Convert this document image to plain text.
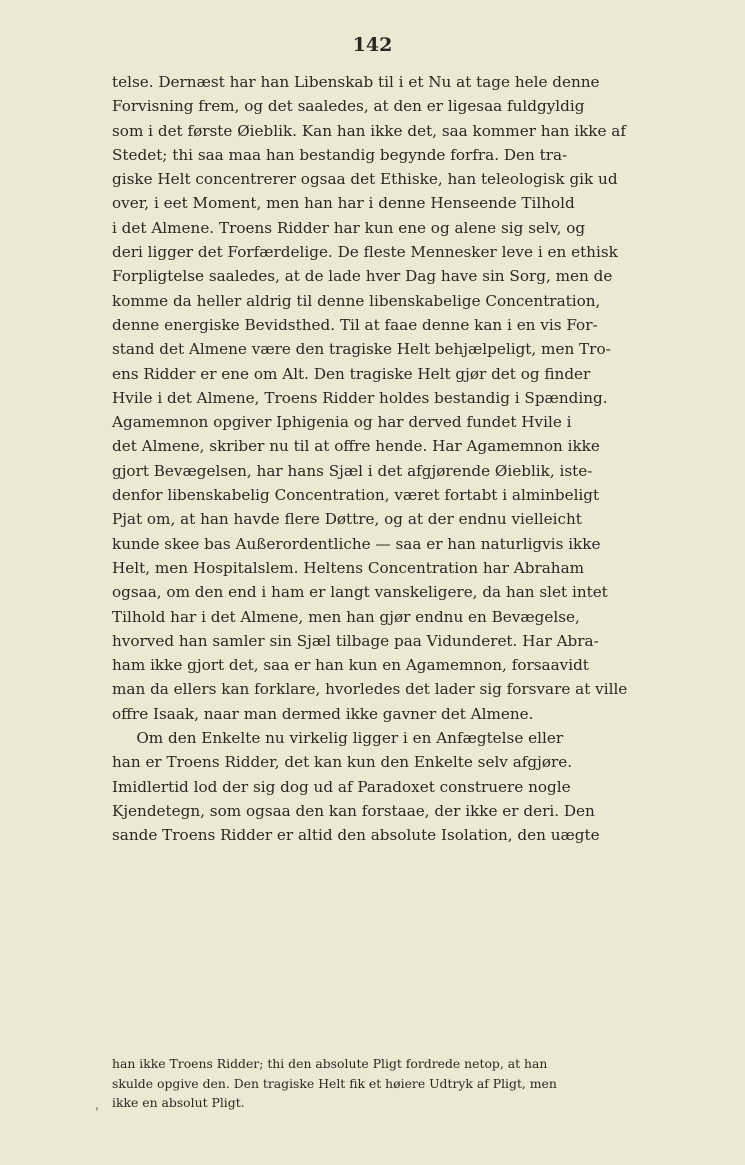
142

telse. Dernæst har han Libenskab til i et Nu at tage hele denne
Forvisning frem, og det saalede​s, at den er ligesaa fuldgyldig
som i det første Øieblik. Kan han ikke det, saa kommer han ikke af
Stedet; thi saa maa han bestandig begynde forfra. Den tra-
giske Helt concentrerer ogsaa det Ethiske, han teleologisk gik ud
over, i eet Moment, men han har i denne Henseende Tilhold
i det Almene. Troens Ridder har kun ene og alene sig selv, og
deri ligger det Forfærdelige. De fleste Mennesker leve i en ethisk
Forpligtelse saalede​s, at de lade hver Dag have sin Sorg, men de
komme da heller aldrig til denne libenskabelige Concentration,
denne energiske Bevidsthed. Til at faae denne kan i en vis For-
stand det Almene være den tragiske Helt behjælpeligt, men Tro-
ens Ridder er ene om Alt. Den tragiske Helt gjør det og finder
Hvile i det Almene, Troens Ridder holdes bestandig i Spænding.
Agamemnon opgiver Iphigenia og har derved fundet Hvile i
det Almene, skriber nu til at offre hende. Har Agamemnon ikke
gjort Bevægelsen, har hans Sjæl i det afgjørende Øieblik, iste-
denfor libenskabelig Concentration, været fortabt i alminbeligt
Pjat om, at han havde flere Døttre, og at der endnu vielleicht
kunde skee bas Außerordentliche — saa er han naturligvis ikke
Helt, men Hospitalslem. Heltens Concentration har Abraham
ogsaa, om den end i ham er langt vanskeligere, da han slet intet
Tilhold har i det Almene, men han gjør endnu en Bevægelse,
hvorved han samler sin Sjæl tilbage paa Vidunderet. Har Abra-
ham ikke gjort det, saa er han kun en Agamemnon, forsaavidt
man da ellers kan forklare, hvorledes det lader sig forsvare at ville
offre Isaak, naar man dermed ikke gavner det Almene.

Om den Enkelte nu virkelig ligger i en Anfægtelse eller
han er Troens Ridder, det kan kun den Enkelte selv afgjøre.
Imidlertid lod der sig dog ud af Paradoxet construere nogle
Kjendetegn, som ogsaa den kan forstaae, der ikke er deri. Den
sande Troens Ridder er altid den absolute Isolation, den uægte

han ikke Troens Ridder; thi den absolute Pligt fordrede netop, at han
skulde opgive den. Den tragiske Helt fik et høiere Udtryk af Pligt, men
ikke en absolut Pligt.
,
